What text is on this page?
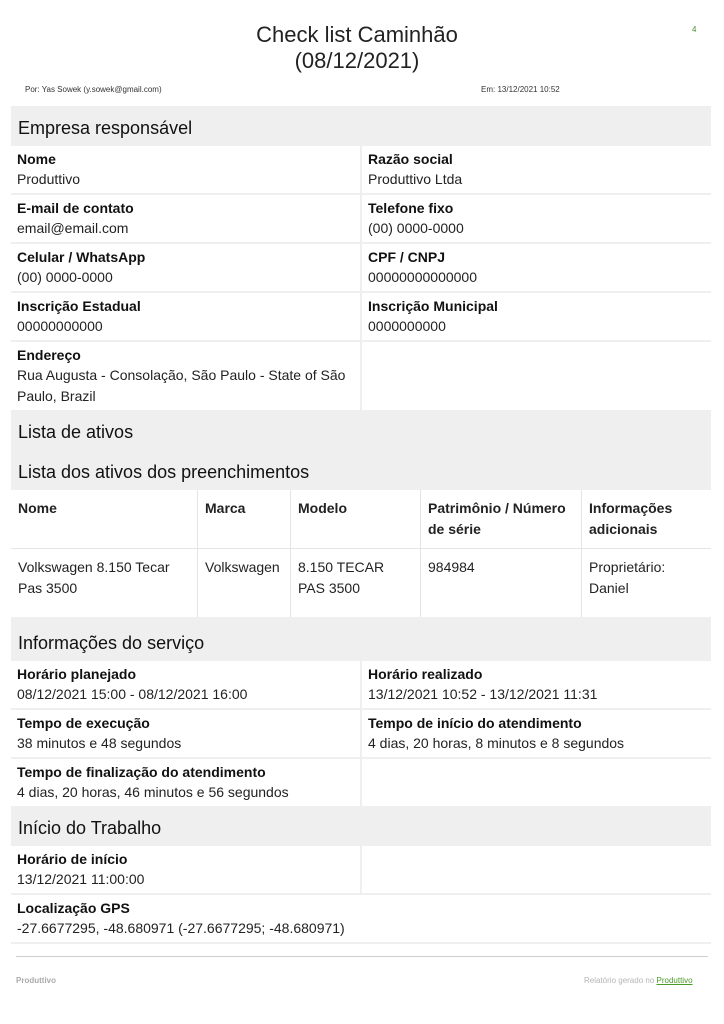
Check list Caminhão
(08/12/2021)
4
Por: Yas Sowek (y.sowek@gmail.com)	Em: 13/12/2021 10:52
Empresa responsável
Nome
Produttivo
Razão social
Produttivo Ltda
E-mail de contato
email@email.com
Telefone fixo
(00) 0000-0000
Celular / WhatsApp
(00) 0000-0000
CPF / CNPJ
00000000000000
Inscrição Estadual
00000000000
Inscrição Municipal
0000000000
Endereço
Rua Augusta - Consolação, São Paulo - State of São Paulo, Brazil
Lista de ativos
Lista dos ativos dos preenchimentos
Nome	Marca	Modelo	Patrimônio / Número de série	Informações adicionais
Volkswagen 8.150 Tecar Pas 3500	Volkswagen	8.150 TECAR PAS 3500	984984	Proprietário: Daniel
Informações do serviço
Horário planejado
08/12/2021 15:00 - 08/12/2021 16:00
Horário realizado
13/12/2021 10:52 - 13/12/2021 11:31
Tempo de execução
38 minutos e 48 segundos
Tempo de início do atendimento
4 dias, 20 horas, 8 minutos e 8 segundos
Tempo de finalização do atendimento
4 dias, 20 horas, 46 minutos e 56 segundos
Início do Trabalho
Horário de início
13/12/2021 11:00:00
Localização GPS
-27.6677295, -48.680971 (-27.6677295; -48.680971)
Produttivo	Relatório gerado no Produttivo
